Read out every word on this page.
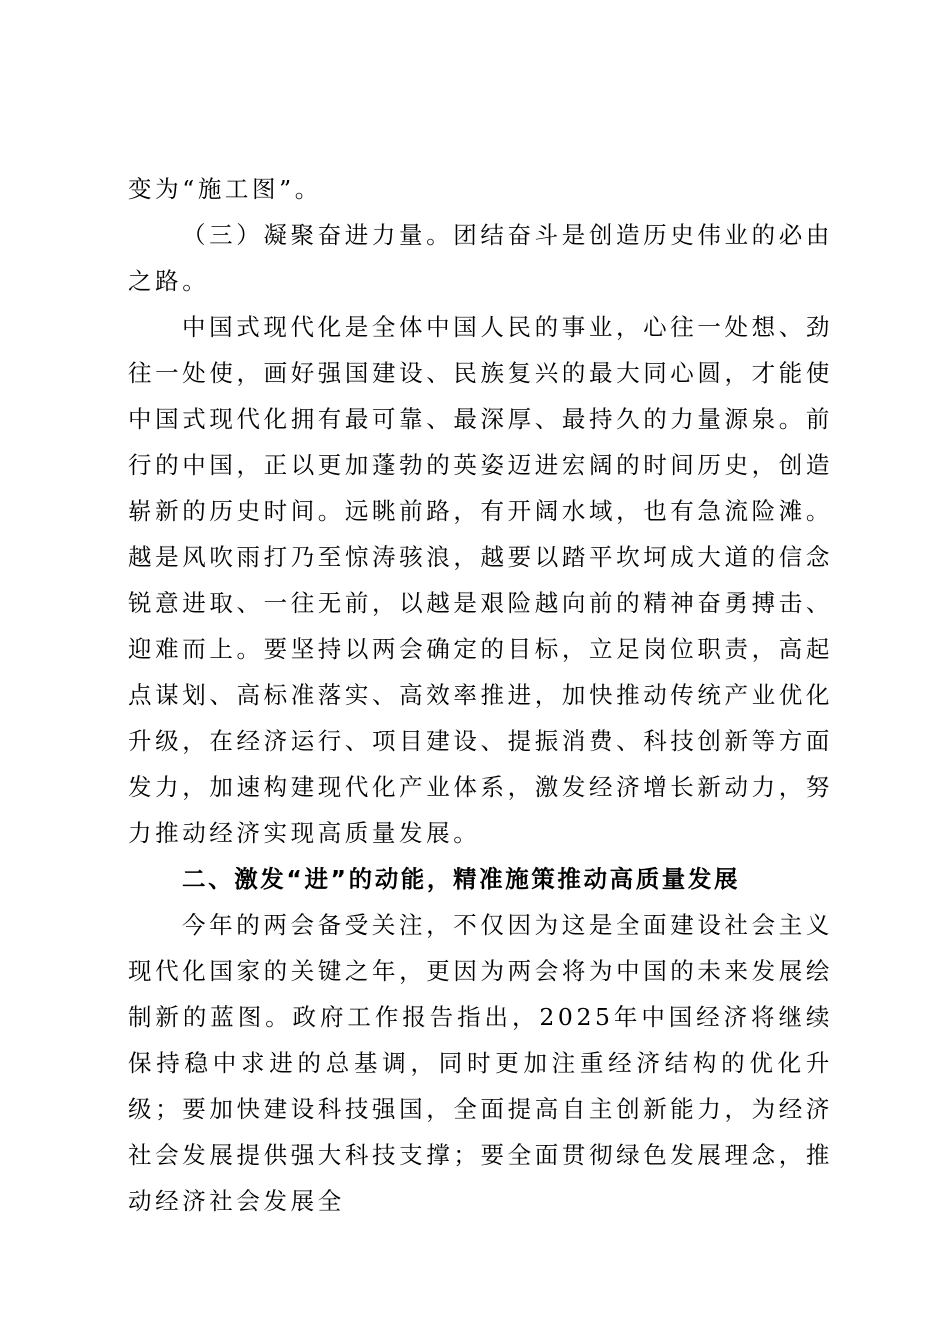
变为“施工图”。

（三）凝聚奋进力量。团结奋斗是创造历史伟业的必由之路。

中国式现代化是全体中国人民的事业，心往一处想、劲往一处使，画好强国建设、民族复兴的最大同心圆，才能使中国式现代化拥有最可靠、最深厚、最持久的力量源泉。前行的中国，正以更加蓬勃的英姿迈进宏阔的时间历史，创造崭新的历史时间。远眺前路，有开阔水域，也有急流险滩。越是风吹雨打乃至惊涛骇浪，越要以踏平坎坷成大道的信念锐意进取、一往无前，以越是艰险越向前的精神奋勇搏击、迎难而上。要坚持以两会确定的目标，立足岗位职责，高起点谋划、高标准落实、高效率推进，加快推动传统产业优化升级，在经济运行、项目建设、提振消费、科技创新等方面发力，加速构建现代化产业体系，激发经济增长新动力，努力推动经济实现高质量发展。

二、激发“进”的动能，精准施策推动高质量发展

今年的两会备受关注，不仅因为这是全面建设社会主义现代化国家的关键之年，更因为两会将为中国的未来发展绘制新的蓝图。政府工作报告指出，2025年中国经济将继续保持稳中求进的总基调，同时更加注重经济结构的优化升级；要加快建设科技强国，全面提高自主创新能力，为经济社会发展提供强大科技支撑；要全面贯彻绿色发展理念，推动经济社会发展全
